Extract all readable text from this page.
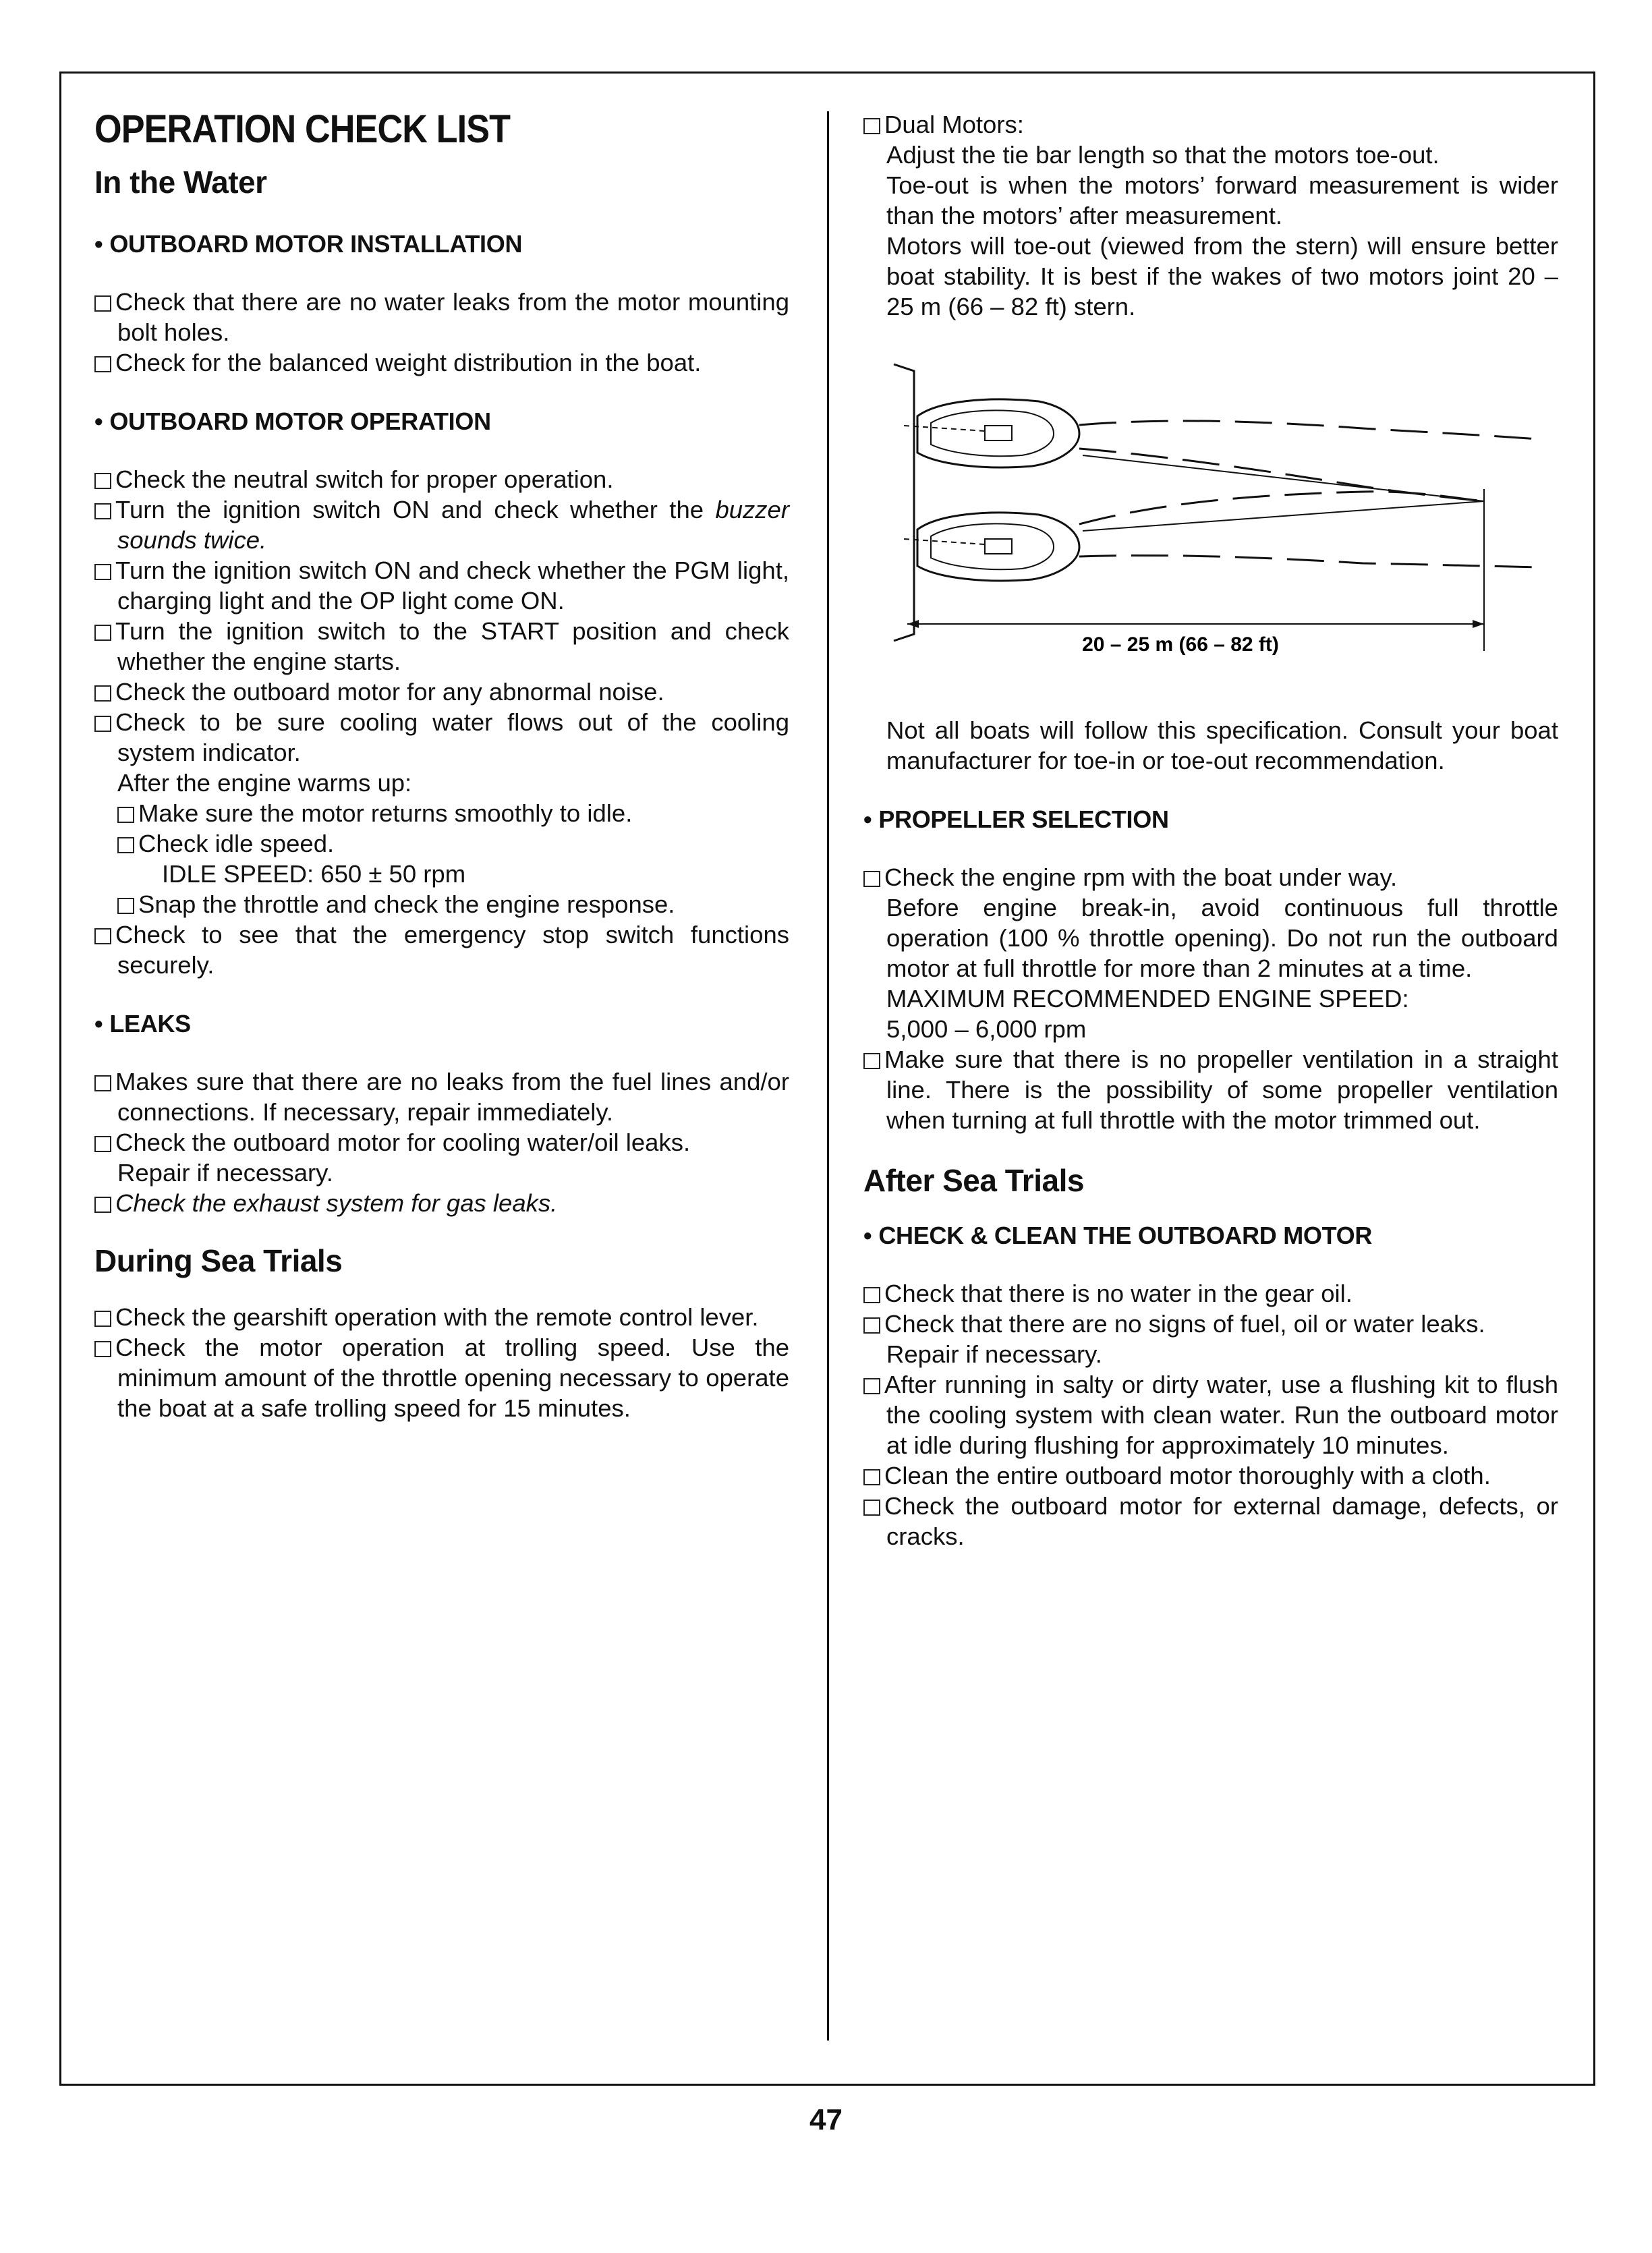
OPERATION CHECK LIST
In the Water
• OUTBOARD MOTOR INSTALLATION

Check that there are no water leaks from the motor mounting bolt holes.

Check for the balanced weight distribution in the boat.

• OUTBOARD MOTOR OPERATION

Check the neutral switch for proper operation.

Turn the ignition switch ON and check whether the buzzer sounds twice.

Turn the ignition switch ON and check whether the PGM light, charging light and the OP light come ON.

Turn the ignition switch to the START position and check whether the engine starts.

Check the outboard motor for any abnormal noise.

Check to be sure cooling water flows out of the cooling system indicator.

After the engine warms up:

Make sure the motor returns smoothly to idle.

Check idle speed.

IDLE SPEED: 650 ± 50 rpm

Snap the throttle and check the engine response.

Check to see that the emergency stop switch functions securely.

• LEAKS

Makes sure that there are no leaks from the fuel lines and/or connections. If necessary, repair immediately.

Check the outboard motor for cooling water/oil leaks.

Repair if necessary.

Check the exhaust system for gas leaks.

During Sea Trials

Check the gearshift operation with the remote control lever.

Check the motor operation at trolling speed. Use the minimum amount of the throttle opening necessary to operate the boat at a safe trolling speed for 15 minutes.

Dual Motors:

Adjust the tie bar length so that the motors toe-out.

Toe-out is when the motors’ forward measurement is wider than the motors’ after measurement.

Motors will toe-out (viewed from the stern) will ensure better boat stability. It is best if the wakes of two motors joint 20 – 25 m (66 – 82 ft) stern.

20 – 25 m (66 – 82 ft)

Not all boats will follow this specification. Consult your boat manufacturer for toe-in or toe-out recommendation.

• PROPELLER SELECTION

Check the engine rpm with the boat under way.

Before engine break-in, avoid continuous full throttle operation (100 % throttle opening). Do not run the outboard motor at full throttle for more than 2 minutes at a time.

MAXIMUM RECOMMENDED ENGINE SPEED:

5,000 – 6,000 rpm

Make sure that there is no propeller ventilation in a straight line. There is the possibility of some propeller ventilation when turning at full throttle with the motor trimmed out.

After Sea Trials
• CHECK & CLEAN THE OUTBOARD MOTOR

Check that there is no water in the gear oil.

Check that there are no signs of fuel, oil or water leaks.

Repair if necessary.

After running in salty or dirty water, use a flushing kit to flush the cooling system with clean water. Run the outboard motor at idle during flushing for approximately 10 minutes.

Clean the entire outboard motor thoroughly with a cloth.

Check the outboard motor for external damage, defects, or cracks.

47
